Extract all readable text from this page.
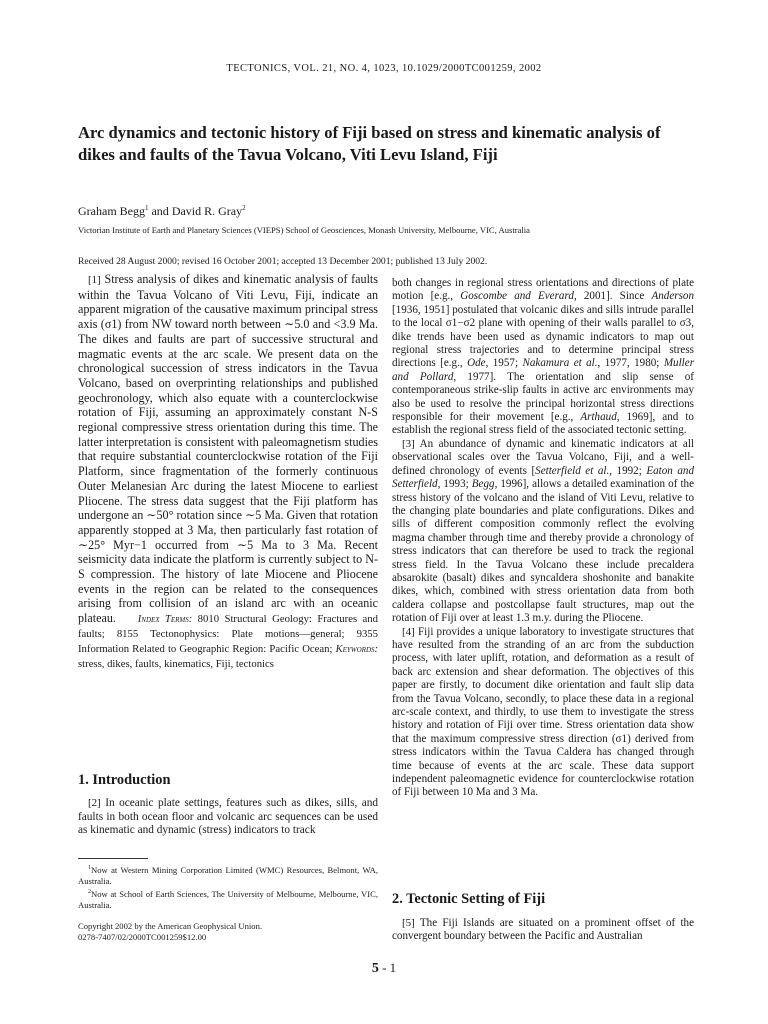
TECTONICS, VOL. 21, NO. 4, 1023, 10.1029/2000TC001259, 2002
Arc dynamics and tectonic history of Fiji based on stress and kinematic analysis of dikes and faults of the Tavua Volcano, Viti Levu Island, Fiji
Graham Begg$^1$ and David R. Gray$^2$
Victorian Institute of Earth and Planetary Sciences (VIEPS) School of Geosciences, Monash University, Melbourne, VIC, Australia
Received 28 August 2000; revised 16 October 2001; accepted 13 December 2001; published 13 July 2002.

[1] Stress analysis of dikes and kinematic analysis of faults within the Tavua Volcano of Viti Levu, Fiji, indicate an apparent migration of the causative maximum principal stress axis (σ1) from NW toward north between ∼5.0 and <3.9 Ma. The dikes and faults are part of successive structural and magmatic events at the arc scale. We present data on the chronological succession of stress indicators in the Tavua Volcano, based on overprinting relationships and published geochronology, which also equate with a counterclockwise rotation of Fiji, assuming an approximately constant N-S regional compressive stress orientation during this time. The latter interpretation is consistent with paleomagnetism studies that require substantial counterclockwise rotation of the Fiji Platform, since fragmentation of the formerly continuous Outer Melanesian Arc during the latest Miocene to earliest Pliocene. The stress data suggest that the Fiji platform has undergone an ∼50° rotation since ∼5 Ma. Given that rotation apparently stopped at 3 Ma, then particularly fast rotation of ∼25° Myr−1 occurred from ∼5 Ma to 3 Ma. Recent seismicity data indicate the platform is currently subject to N-S compression. The history of late Miocene and Pliocene events in the region can be related to the consequences arising from collision of an island arc with an oceanic plateau. Index Terms: 8010 Structural Geology: Fractures and faults; 8155 Tectonophysics: Plate motions—general; 9355 Information Related to Geographic Region: Pacific Ocean; Keywords: stress, dikes, faults, kinematics, Fiji, tectonics

1. Introduction

[2] In oceanic plate settings, features such as dikes, sills, and faults in both ocean floor and volcanic arc sequences can be used as kinematic and dynamic (stress) indicators to track

$^1$Now at Western Mining Corporation Limited (WMC) Resources, Belmont, WA, Australia.

$^2$Now at School of Earth Sciences, The University of Melbourne, Melbourne, VIC, Australia.

Copyright 2002 by the American Geophysical Union.
0278-7407/02/2000TC001259$12.00

both changes in regional stress orientations and directions of plate motion [e.g., Goscombe and Everard, 2001]. Since Anderson [1936, 1951] postulated that volcanic dikes and sills intrude parallel to the local σ1−σ2 plane with opening of their walls parallel to σ3, dike trends have been used as dynamic indicators to map out regional stress trajectories and to determine principal stress directions [e.g., Ode, 1957; Nakamura et al., 1977, 1980; Muller and Pollard, 1977]. The orientation and slip sense of contemporaneous strike-slip faults in active arc environments may also be used to resolve the principal horizontal stress directions responsible for their movement [e.g., Arthaud, 1969], and to establish the regional stress field of the associated tectonic setting.

[3] An abundance of dynamic and kinematic indicators at all observational scales over the Tavua Volcano, Fiji, and a well-defined chronology of events [Setterfield et al., 1992; Eaton and Setterfield, 1993; Begg, 1996], allows a detailed examination of the stress history of the volcano and the island of Viti Levu, relative to the changing plate boundaries and plate configurations. Dikes and sills of different composition commonly reflect the evolving magma chamber through time and thereby provide a chronology of stress indicators that can therefore be used to track the regional stress field. In the Tavua Volcano these include precaldera absarokite (basalt) dikes and syncaldera shoshonite and banakite dikes, which, combined with stress orientation data from both caldera collapse and postcollapse fault structures, map out the rotation of Fiji over at least 1.3 m.y. during the Pliocene.

[4] Fiji provides a unique laboratory to investigate structures that have resulted from the stranding of an arc from the subduction process, with later uplift, rotation, and deformation as a result of back arc extension and shear deformation. The objectives of this paper are firstly, to document dike orientation and fault slip data from the Tavua Volcano, secondly, to place these data in a regional arc-scale context, and thirdly, to use them to investigate the stress history and rotation of Fiji over time. Stress orientation data show that the maximum compressive stress direction (σ1) derived from stress indicators within the Tavua Caldera has changed through time because of events at the arc scale. These data support independent paleomagnetic evidence for counterclockwise rotation of Fiji between 10 Ma and 3 Ma.

2. Tectonic Setting of Fiji

[5] The Fiji Islands are situated on a prominent offset of the convergent boundary between the Pacific and Australian

5 - 1
